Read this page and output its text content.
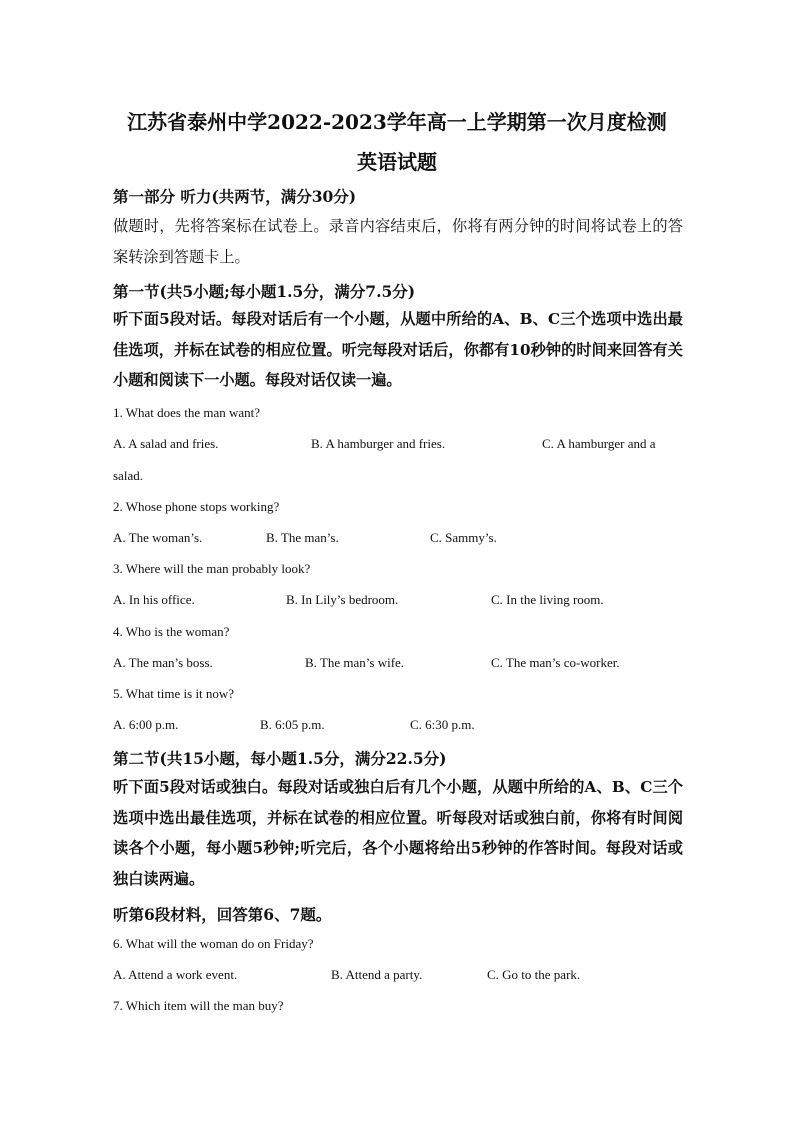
江苏省泰州中学2022-2023学年高一上学期第一次月度检测
英语试题
第一部分 听力(共两节，满分30分)
做题时，先将答案标在试卷上。录音内容结束后，你将有两分钟的时间将试卷上的答案转涂到答题卡上。
第一节(共5小题;每小题1.5分，满分7.5分)
听下面5段对话。每段对话后有一个小题，从题中所给的A、B、C三个选项中选出最佳选项，并标在试卷的相应位置。听完每段对话后，你都有10秒钟的时间来回答有关小题和阅读下一小题。每段对话仅读一遍。
1. What does the man want?
A. A salad and fries.	B. A hamburger and fries.	C. A hamburger and a
salad.
2. Whose phone stops working?
A. The woman’s.	B. The man’s.	C. Sammy’s.
3. Where will the man probably look?
A. In his office.	B. In Lily’s bedroom.	C. In the living room.
4. Who is the woman?
A. The man’s boss.	B. The man’s wife.	C. The man’s co-worker.
5. What time is it now?
A. 6:00 p.m.	B. 6:05 p.m.	C. 6:30 p.m.
第二节(共15小题，每小题1.5分，满分22.5分)
听下面5段对话或独白。每段对话或独白后有几个小题，从题中所给的A、B、C三个选项中选出最佳选项，并标在试卷的相应位置。听每段对话或独白前，你将有时间阅读各个小题，每小题5秒钟;听完后，各个小题将给出5秒钟的作答时间。每段对话或独白读两遍。
听第6段材料，回答第6、7题。
6. What will the woman do on Friday?
A. Attend a work event.	B. Attend a party.	C. Go to the park.
7. Which item will the man buy?
